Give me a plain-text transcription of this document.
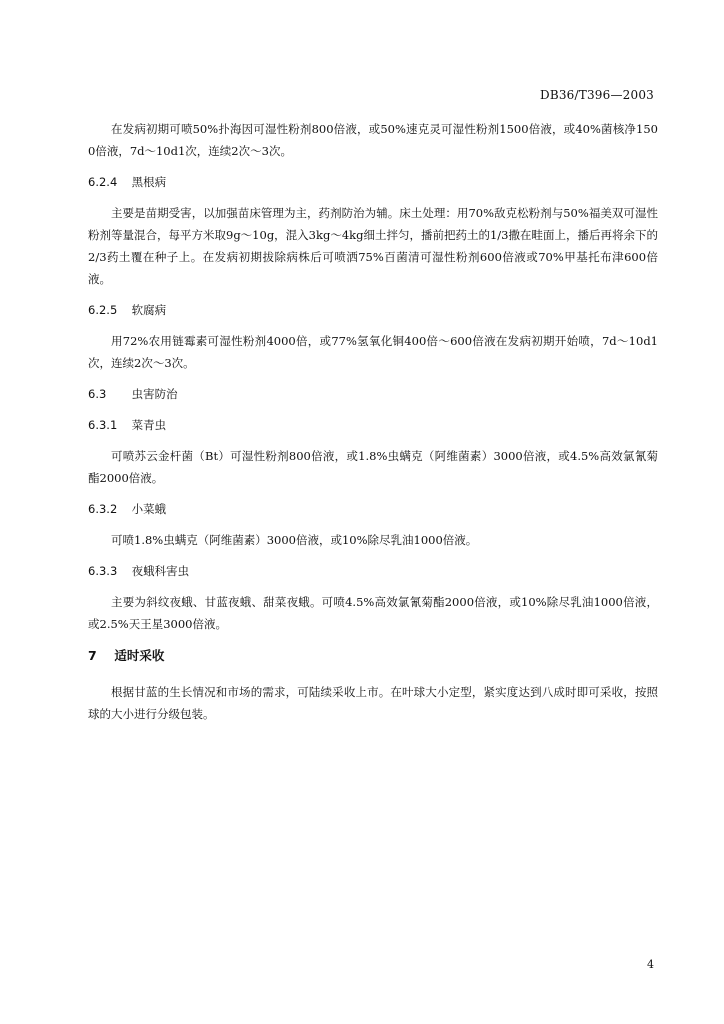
DB36/T396—2003

在发病初期可喷50%扑海因可湿性粉剂800倍液，或50%速克灵可湿性粉剂1500倍液，或40%菌核净1500倍液，7d～10d1次，连续2次～3次。

6.2.4 黑根病

主要是苗期受害，以加强苗床管理为主，药剂防治为辅。床土处理：用70%敌克松粉剂与50%福美双可湿性粉剂等量混合，每平方米取9g～10g，混入3kg～4kg细土拌匀，播前把药土的1/3撒在畦面上，播后再将余下的2/3药土覆在种子上。在发病初期拔除病株后可喷洒75%百菌清可湿性粉剂600倍液或70%甲基托布津600倍液。

6.2.5 软腐病

用72%农用链霉素可湿性粉剂4000倍，或77%氢氧化铜400倍～600倍液在发病初期开始喷，7d～10d1次，连续2次～3次。

6.3 虫害防治
6.3.1 菜青虫

可喷苏云金杆菌（Bt）可湿性粉剂800倍液，或1.8%虫螨克（阿维菌素）3000倍液，或4.5%高效氯氰菊酯2000倍液。

6.3.2 小菜蛾

可喷1.8%虫螨克（阿维菌素）3000倍液，或10%除尽乳油1000倍液。

6.3.3 夜蛾科害虫

主要为斜纹夜蛾、甘蓝夜蛾、甜菜夜蛾。可喷4.5%高效氯氰菊酯2000倍液，或10%除尽乳油1000倍液，或2.5%天王星3000倍液。

7 适时采收

根据甘蓝的生长情况和市场的需求，可陆续采收上市。在叶球大小定型，紧实度达到八成时即可采收，按照球的大小进行分级包装。

4
